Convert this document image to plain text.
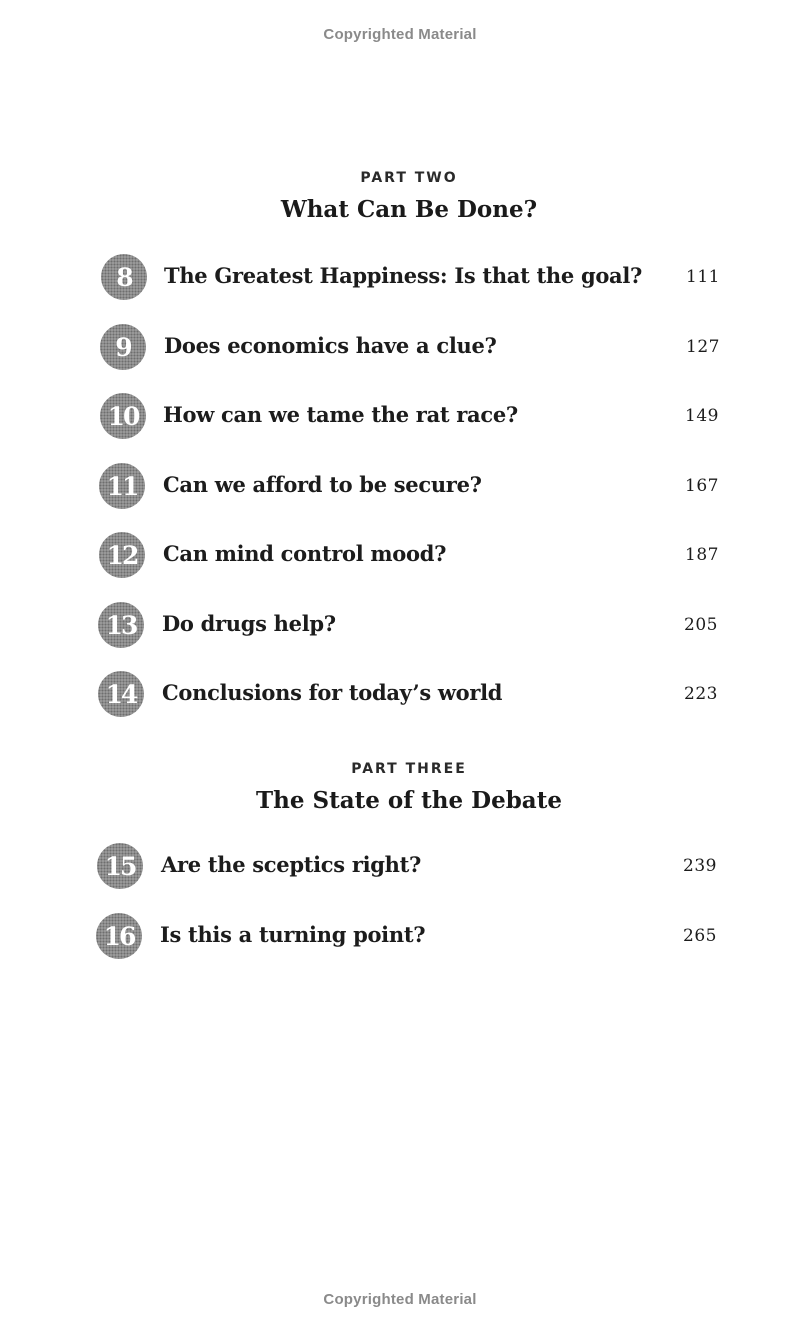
Copyrighted Material
PART TWO
What Can Be Done?
8	The Greatest Happiness: Is that the goal?	111
9	Does economics have a clue?	127
10	How can we tame the rat race?	149
11	Can we afford to be secure?	167
12	Can mind control mood?	187
13	Do drugs help?	205
14	Conclusions for today’s world	223
PART THREE
The State of the Debate
15	Are the sceptics right?	239
16	Is this a turning point?	265
Copyrighted Material
